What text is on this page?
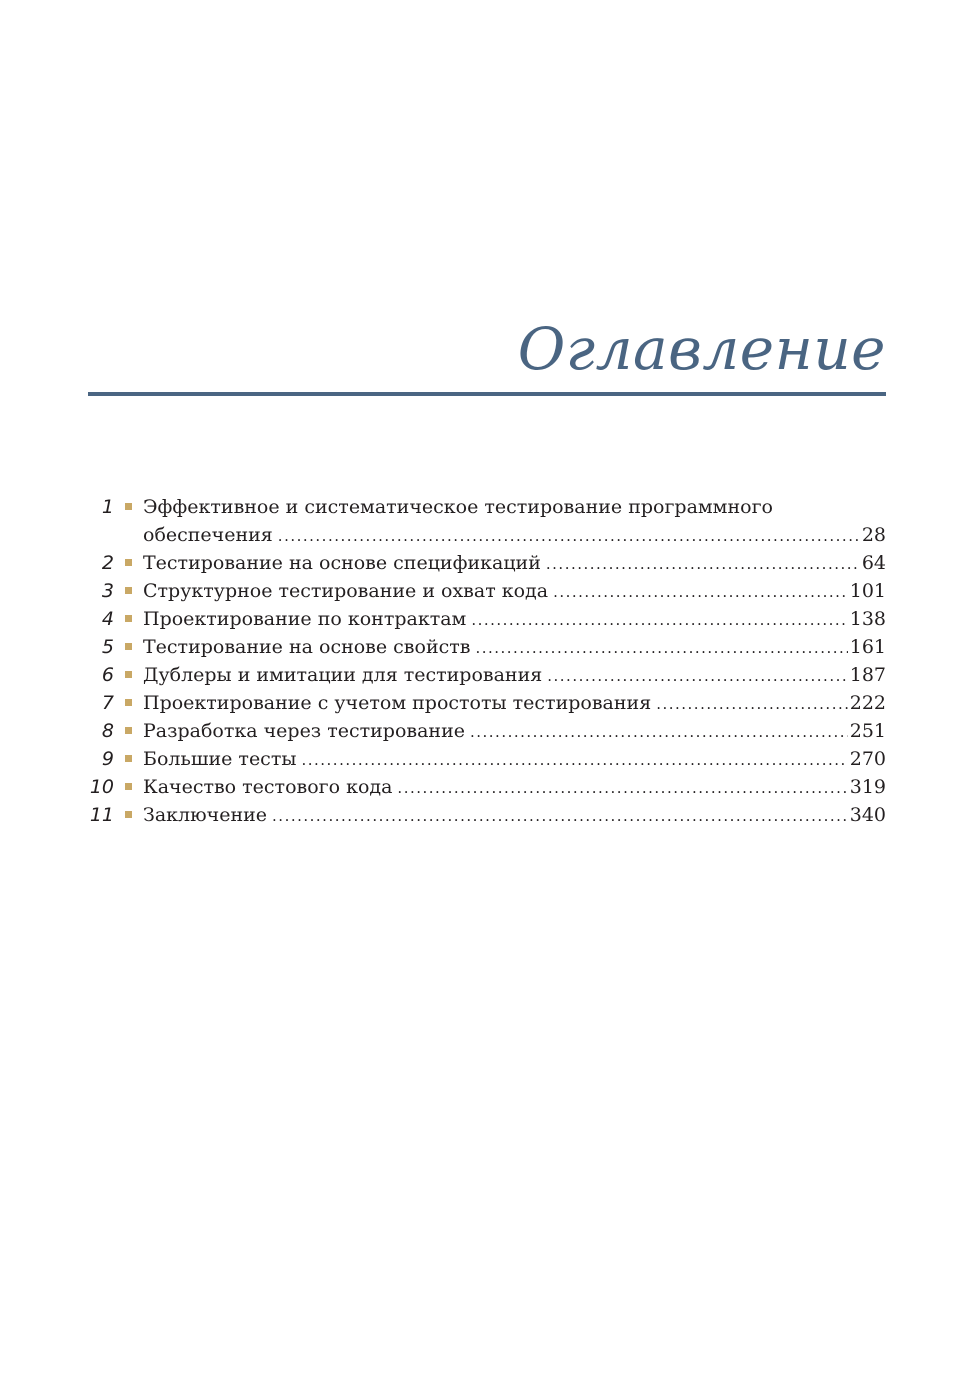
Оглавление
1 Эффективное и систематическое тестирование программного
обеспечения .....	28
2 Тестирование на основе спецификаций .....	64
3 Структурное тестирование и охват кода .....	101
4 Проектирование по контрактам .....	138
5 Тестирование на основе свойств .....	161
6 Дублеры и имитации для тестирования .....	187
7 Проектирование с учетом простоты тестирования .....	222
8 Разработка через тестирование .....	251
9 Большие тесты .....	270
10 Качество тестового кода .....	319
11 Заключение .....	340
